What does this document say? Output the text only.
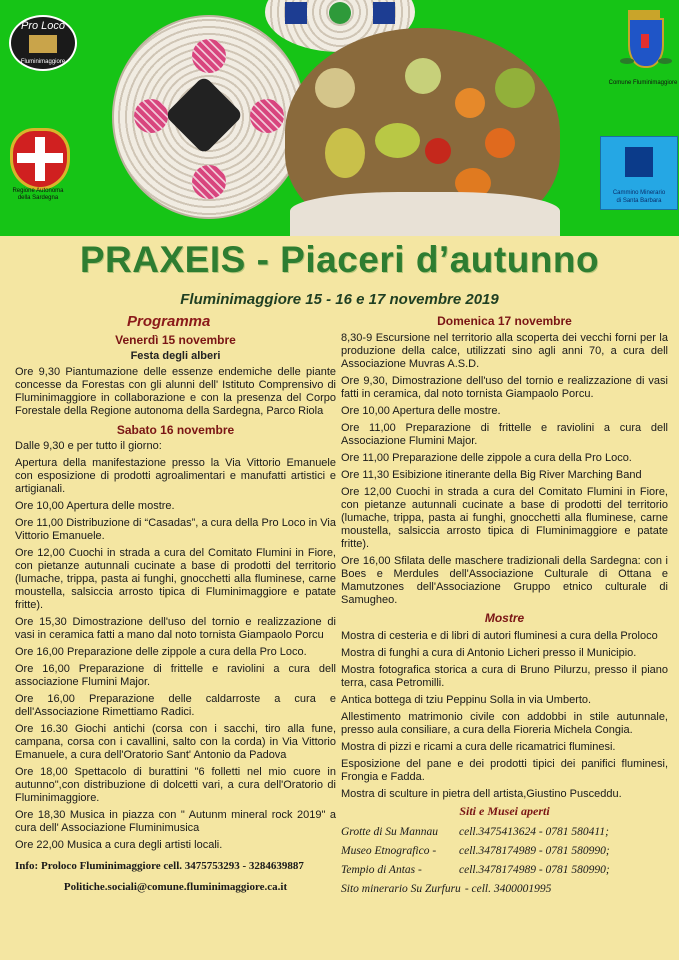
Pro Loco
Fluminimaggiore
Regione Autonoma
della Sardegna
Comune Fluminimaggiore
Cammino Minerario
di Santa Barbara
PRAXEIS - Piaceri d’autunno
Fluminimaggiore 15 - 16 e 17 novembre 2019
Programma
Venerdì 15 novembre
Festa degli alberi

Ore 9,30 Piantumazione delle essenze endemiche delle piante concesse da Forestas con gli alunni dell' Istituto Comprensivo di Fluminimaggiore in collaborazione e con la presenza del Corpo Forestale della Regione autonoma della Sardegna, Parco Riola

Sabato 16 novembre

Dalle 9,30 e per tutto il giorno:

Apertura della manifestazione presso la Via Vittorio Emanuele con esposizione di prodotti agroalimentari e manufatti artistici e artigianali.

Ore 10,00 Apertura delle mostre.

Ore 11,00 Distribuzione di “Casadas”, a cura della Pro Loco in Via Vittorio Emanuele.

Ore 12,00 Cuochi in strada a cura del Comitato Flumini in Fiore, con pietanze autunnali cucinate a base di prodotti del territorio (lumache, trippa, pasta ai funghi, gnocchetti alla fluminese, carne moustella, salsiccia arrosto tipica di Fluminimaggiore e patate fritte).

Ore 15,30 Dimostrazione dell'uso del tornio e realizzazione di vasi in ceramica fatti a mano dal noto tornista Giampaolo Porcu

Ore 16,00 Preparazione delle zippole a cura della Pro Loco.

Ore 16,00 Preparazione di frittelle e raviolini a cura dell associazione Flumini Major.

Ore 16,00 Preparazione delle caldarroste a cura e dell'Associazione Rimettiamo Radici.

Ore 16.30 Giochi antichi (corsa con i sacchi, tiro alla fune, campana, corsa con i cavallini, salto con la corda) in Via Vittorio Emanuele, a cura dell'Oratorio Sant' Antonio da Padova

Ore 18,00 Spettacolo di burattini "6 folletti nel mio cuore in autunno",con distribuzione di dolcetti vari, a cura dell'Oratorio di Fluminimaggiore.

Ore 18,30 Musica in piazza con " Autunm mineral rock 2019" a cura dell' Associazione Fluminimusica

Ore 22,00 Musica a cura degli artisti locali.

Info: Proloco Fluminimaggiore cell. 3475753293 - 3284639887

Politiche.sociali@comune.fluminimaggiore.ca.it

Domenica 17 novembre

8,30-9 Escursione nel territorio alla scoperta dei vecchi forni per la produzione della calce, utilizzati sino agli anni 70, a cura dell Associazione Muvras A.S.D.

Ore 9,30, Dimostrazione dell'uso del tornio e realizzazione di vasi fatti in ceramica, dal noto tornista Giampaolo Porcu.

Ore 10,00 Apertura delle mostre.

Ore 11,00 Preparazione di frittelle e raviolini a cura dell Associazione Flumini Major.

Ore 11,00 Preparazione delle zippole a cura della Pro Loco.

Ore 11,30 Esibizione itinerante della Big River Marching Band

Ore 12,00 Cuochi in strada a cura del Comitato Flumini in Fiore, con pietanze autunnali cucinate a base di prodotti del territorio (lumache, trippa, pasta ai funghi, gnocchetti alla fluminese, carne moustella, salsiccia arrosto tipica di Fluminimaggiore e patate fritte).

Ore 16,00 Sfilata delle maschere tradizionali della Sardegna: con i Boes e Merdules dell'Associazione Culturale di Ottana e Mamutzones dell'Associazione Gruppo etnico culturale di Samugheo.

Mostre

Mostra di cesteria e di libri di autori fluminesi a cura della Proloco

Mostra di funghi a cura di Antonio Licheri presso il Municipio.

Mostra fotografica storica a cura di Bruno Pilurzu, presso il piano terra, casa Petromilli.

Antica bottega di tziu Peppinu Solla in via Umberto.

Allestimento matrimonio civile con addobbi in stile autunnale, presso aula consiliare, a cura della Fioreria Michela Congia.

Mostra di pizzi e ricami a cura delle ricamatrici fluminesi.

Esposizione del pane e dei prodotti tipici dei panifici fluminesi, Frongia e Fadda.

Mostra di sculture in pietra dell artista,Giustino Pusceddu.

Siti e Musei aperti
Grotte di Su Mannau	cell.3475413624 - 0781 580411;
Museo Etnografico -	cell.3478174989 - 0781 580990;
Tempio di Antas -	cell.3478174989 - 0781 580990;
Sito minerario Su Zurfuru - cell. 3400001995
